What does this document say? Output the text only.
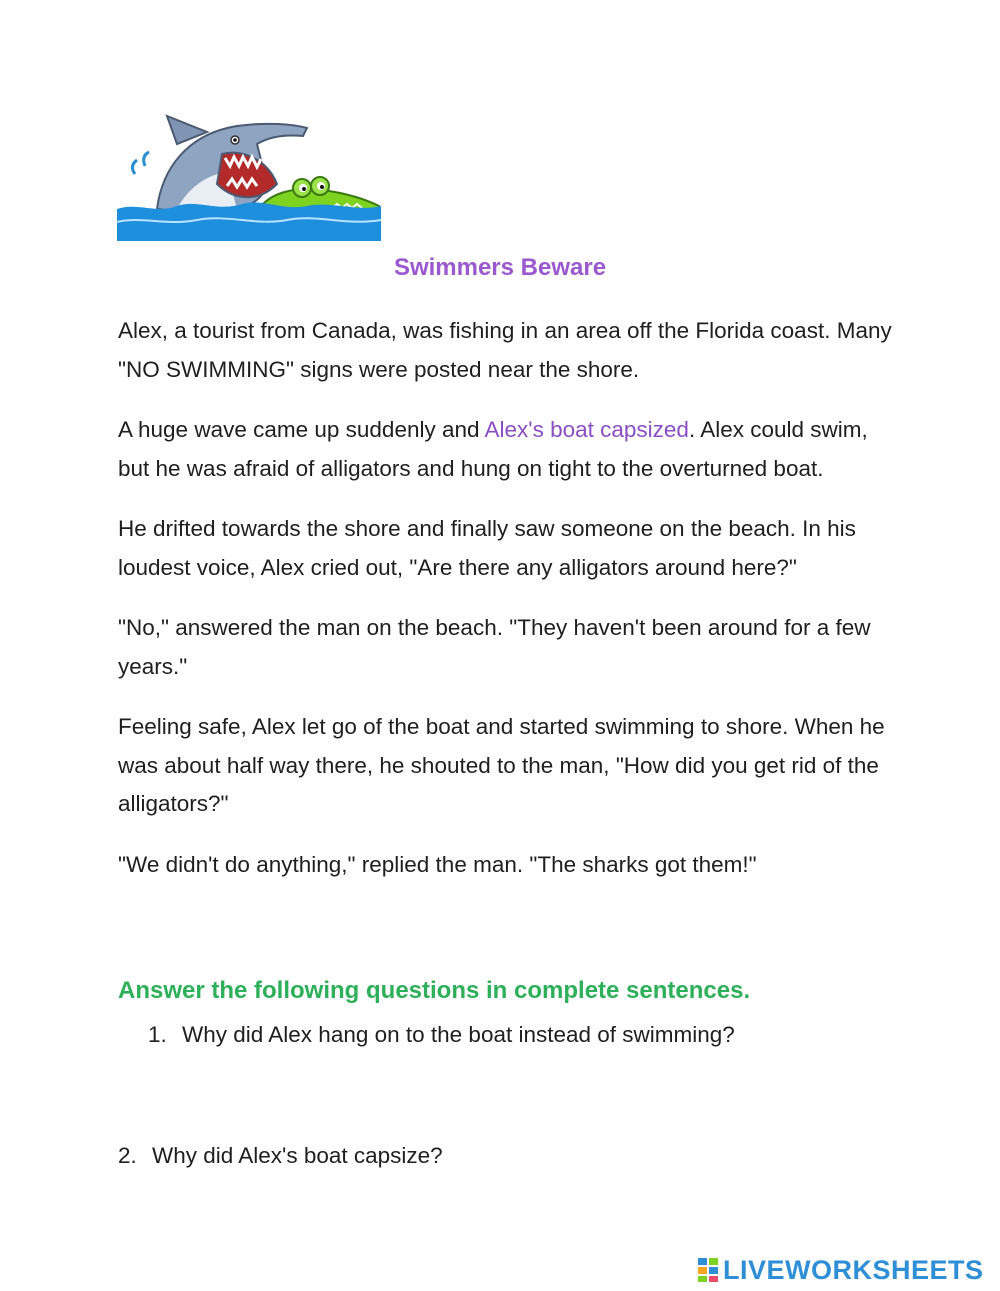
Swimmers Beware

Alex, a tourist from Canada, was fishing in an area off the Florida coast. Many "NO SWIMMING" signs were posted near the shore.

A huge wave came up suddenly and Alex's boat capsized. Alex could swim, but he was afraid of alligators and hung on tight to the overturned boat.

He drifted towards the shore and finally saw someone on the beach. In his loudest voice, Alex cried out, "Are there any alligators around here?"

"No," answered the man on the beach. "They haven't been around for a few years."

Feeling safe, Alex let go of the boat and started swimming to shore. When he was about half way there, he shouted to the man, "How did you get rid of the alligators?"

"We didn't do anything," replied the man. "The sharks got them!"

Answer the following questions in complete sentences.
1. Why did Alex hang on to the boat instead of swimming?
2. Why did Alex's boat capsize?
LIVEWORKSHEETS
